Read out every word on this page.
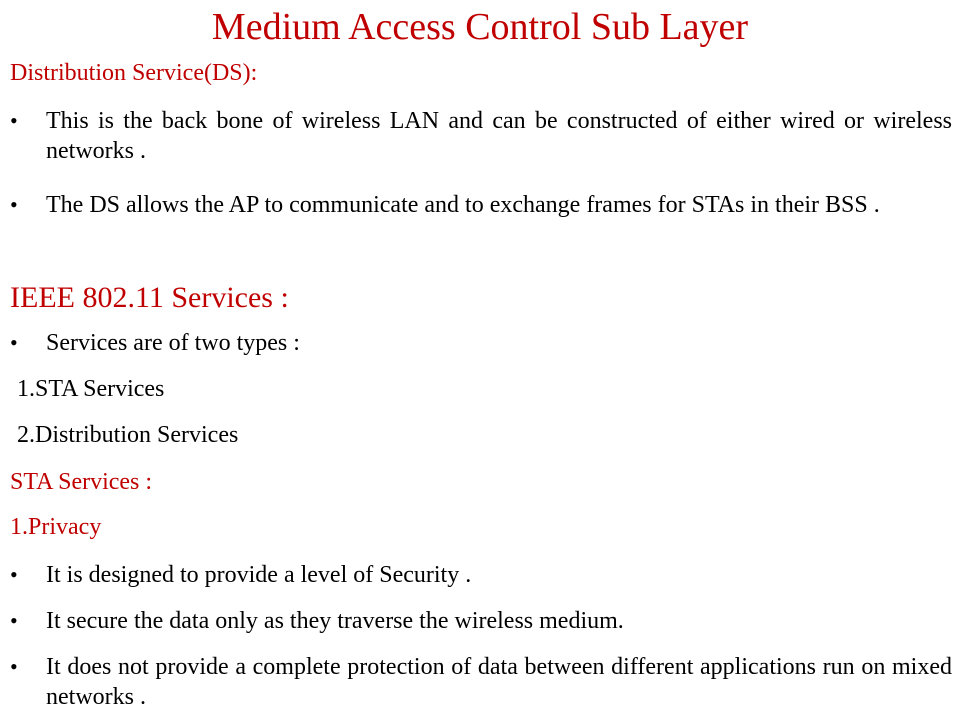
Medium Access Control Sub Layer
Distribution Service(DS):
•	This is the back bone of wireless LAN and can be constructed of either wired or wireless networks .
•	The DS allows the AP to communicate and to exchange frames for STAs in their BSS .
IEEE 802.11 Services :
•	Services are of two types :
1.STA Services
2.Distribution Services
STA Services :
1.Privacy
•	It is designed to provide a level of Security .
•	It secure the data only as they traverse the wireless medium.
•	It does not provide a complete protection of data between different applications run on mixed networks .
